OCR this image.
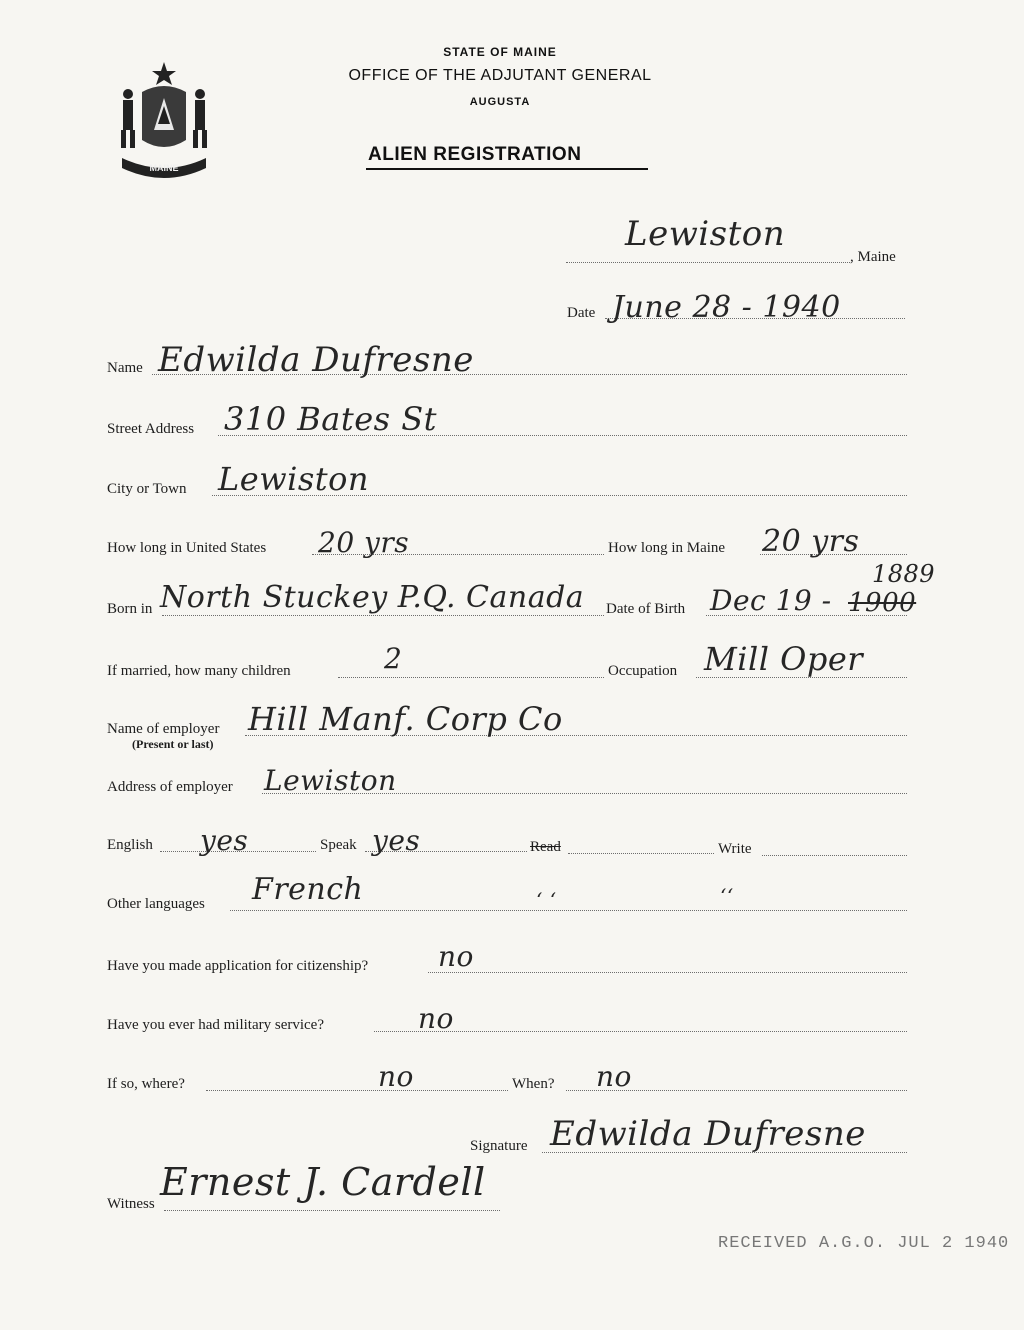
MAINE
STATE OF MAINE
OFFICE OF THE ADJUTANT GENERAL
AUGUSTA
ALIEN REGISTRATION
Lewiston
, Maine
Date June 28 - 1940
Name Edwilda Dufresne
Street Address 310 Bates St
City or Town Lewiston
How long in United States 20 yrs	How long in Maine 20 yrs
Born in North Stuckey P.Q. Canada Date of Birth Dec 19 -
1889
1900
If married, how many children	2	Occupation Mill Oper
Name of employer
(Present or last)
Hill Manf. Corp Co
Address of employer Lewiston
English yes	Speak yes	Read	Write
Other languages French	ʻ ʻ	ʻʻ
Have you made application for citizenship? no
Have you ever had military service?	no
If so, where?	no	When? no
Signature Edwilda Dufresne
Witness Ernest J. Cardell
RECEIVED A.G.O. JUL 2 1940
